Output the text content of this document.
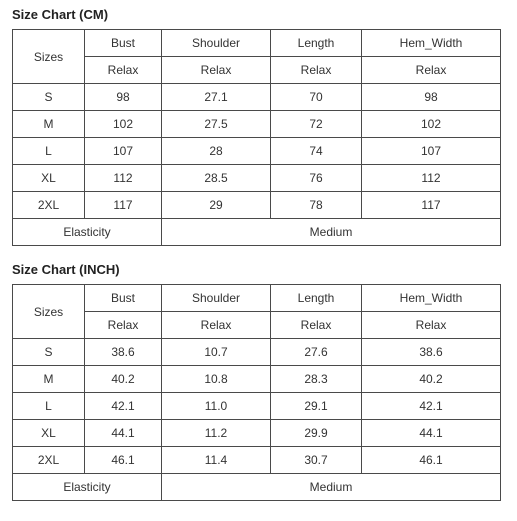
Size Chart (CM)
Sizes	Bust	Shoulder	Length	Hem_Width
	Relax	Relax	Relax	Relax
S	98	27.1	70	98
M	102	27.5	72	102
L	107	28	74	107
XL	112	28.5	76	112
2XL	117	29	78	117
Elasticity		Medium		
Size Chart (INCH)
Sizes	Bust	Shoulder	Length	Hem_Width
	Relax	Relax	Relax	Relax
S	38.6	10.7	27.6	38.6
M	40.2	10.8	28.3	40.2
L	42.1	11.0	29.1	42.1
XL	44.1	11.2	29.9	44.1
2XL	46.1	11.4	30.7	46.1
Elasticity		Medium		
